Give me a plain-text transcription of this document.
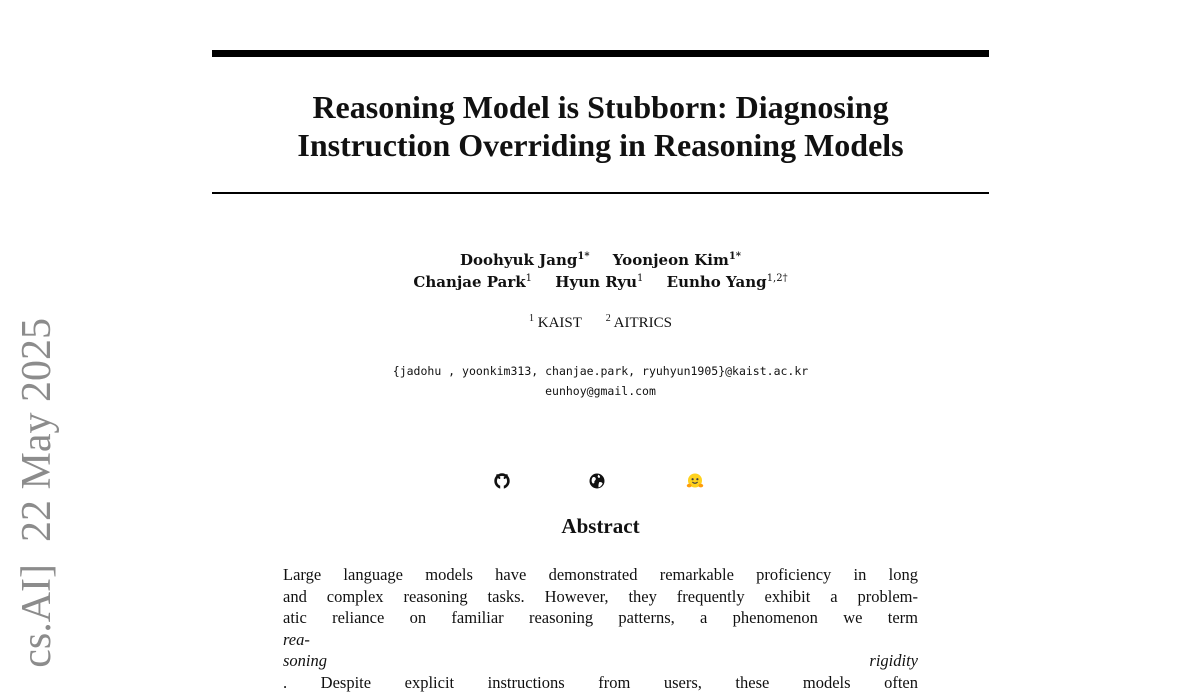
cs.AI]
22 May 2025
Reasoning Model is Stubborn: Diagnosing
Instruction Overriding in Reasoning Models
Doohyuk Jang$^{1*}$ Yoonjeon Kim$^{1*}$
Chanjae Park$^1$ Hyun Ryu$^1$ Eunho Yang$^{1,2\dagger}$
$^1$ KAIST $^2$ AITRICS
{jadohu , yoonkim313, chanjae.park, ryuhyun1905}@kaist.ac.kr
eunhoy@gmail.com
Abstract
Large language models have demonstrated remarkable proficiency in long
and complex reasoning tasks. However, they frequently exhibit a problem-
atic reliance on familiar reasoning patterns, a phenomenon we term
rea-
soning rigidity
. Despite explicit instructions from users, these models often
